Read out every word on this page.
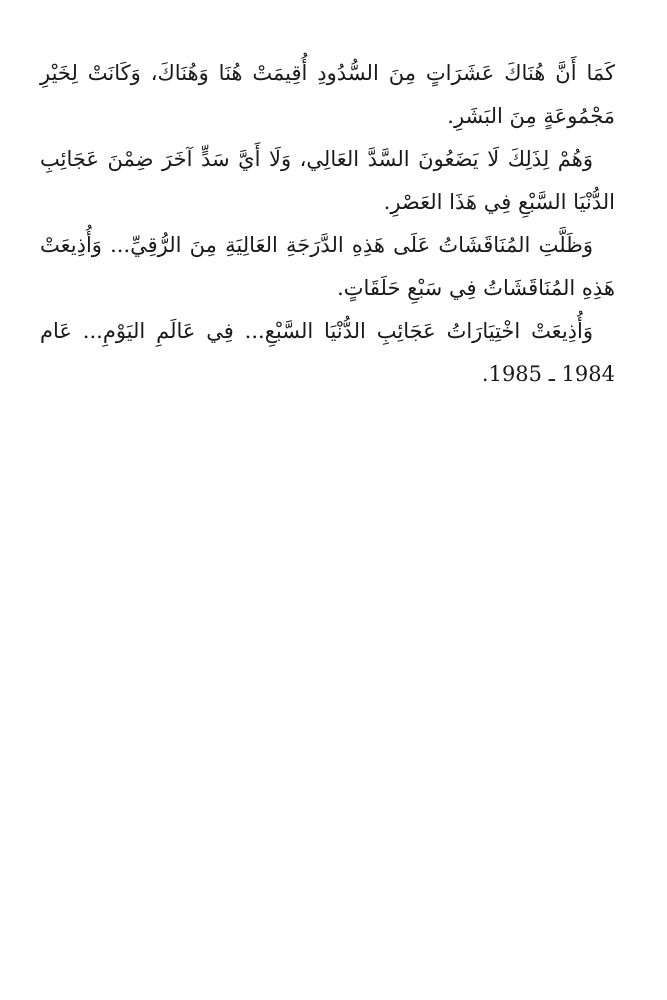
كَمَا أَنَّ هُنَاكَ عَشَرَاتٍ مِنَ السُّدُودِ أُقِيمَتْ هُنَا وَهُنَاكَ، وَكَانَتْ لِخَيْرِ مَجْمُوعَةٍ مِنَ البَشَرِ.

وَهُمْ لِذَلِكَ لَا يَضَعُونَ السَّدَّ العَالِي، وَلَا أَيَّ سَدٍّ آخَرَ ضِمْنَ عَجَائِبِ الدُّنْيَا السَّبْعِ فِي هَذَا العَصْرِ.

وَظَلَّتِ المُنَاقَشَاتُ عَلَى هَذِهِ الدَّرَجَةِ العَالِيَةِ مِنَ الرُّقِيِّ... وَأُذِيعَتْ هَذِهِ المُنَاقَشَاتُ فِي سَبْعِ حَلَقَاتٍ.

وَأُذِيعَتْ اخْتِيَارَاتُ عَجَائِبِ الدُّنْيَا السَّبْعِ... فِي عَالَمِ اليَوْمِ... عَام 1984 ـ 1985.
